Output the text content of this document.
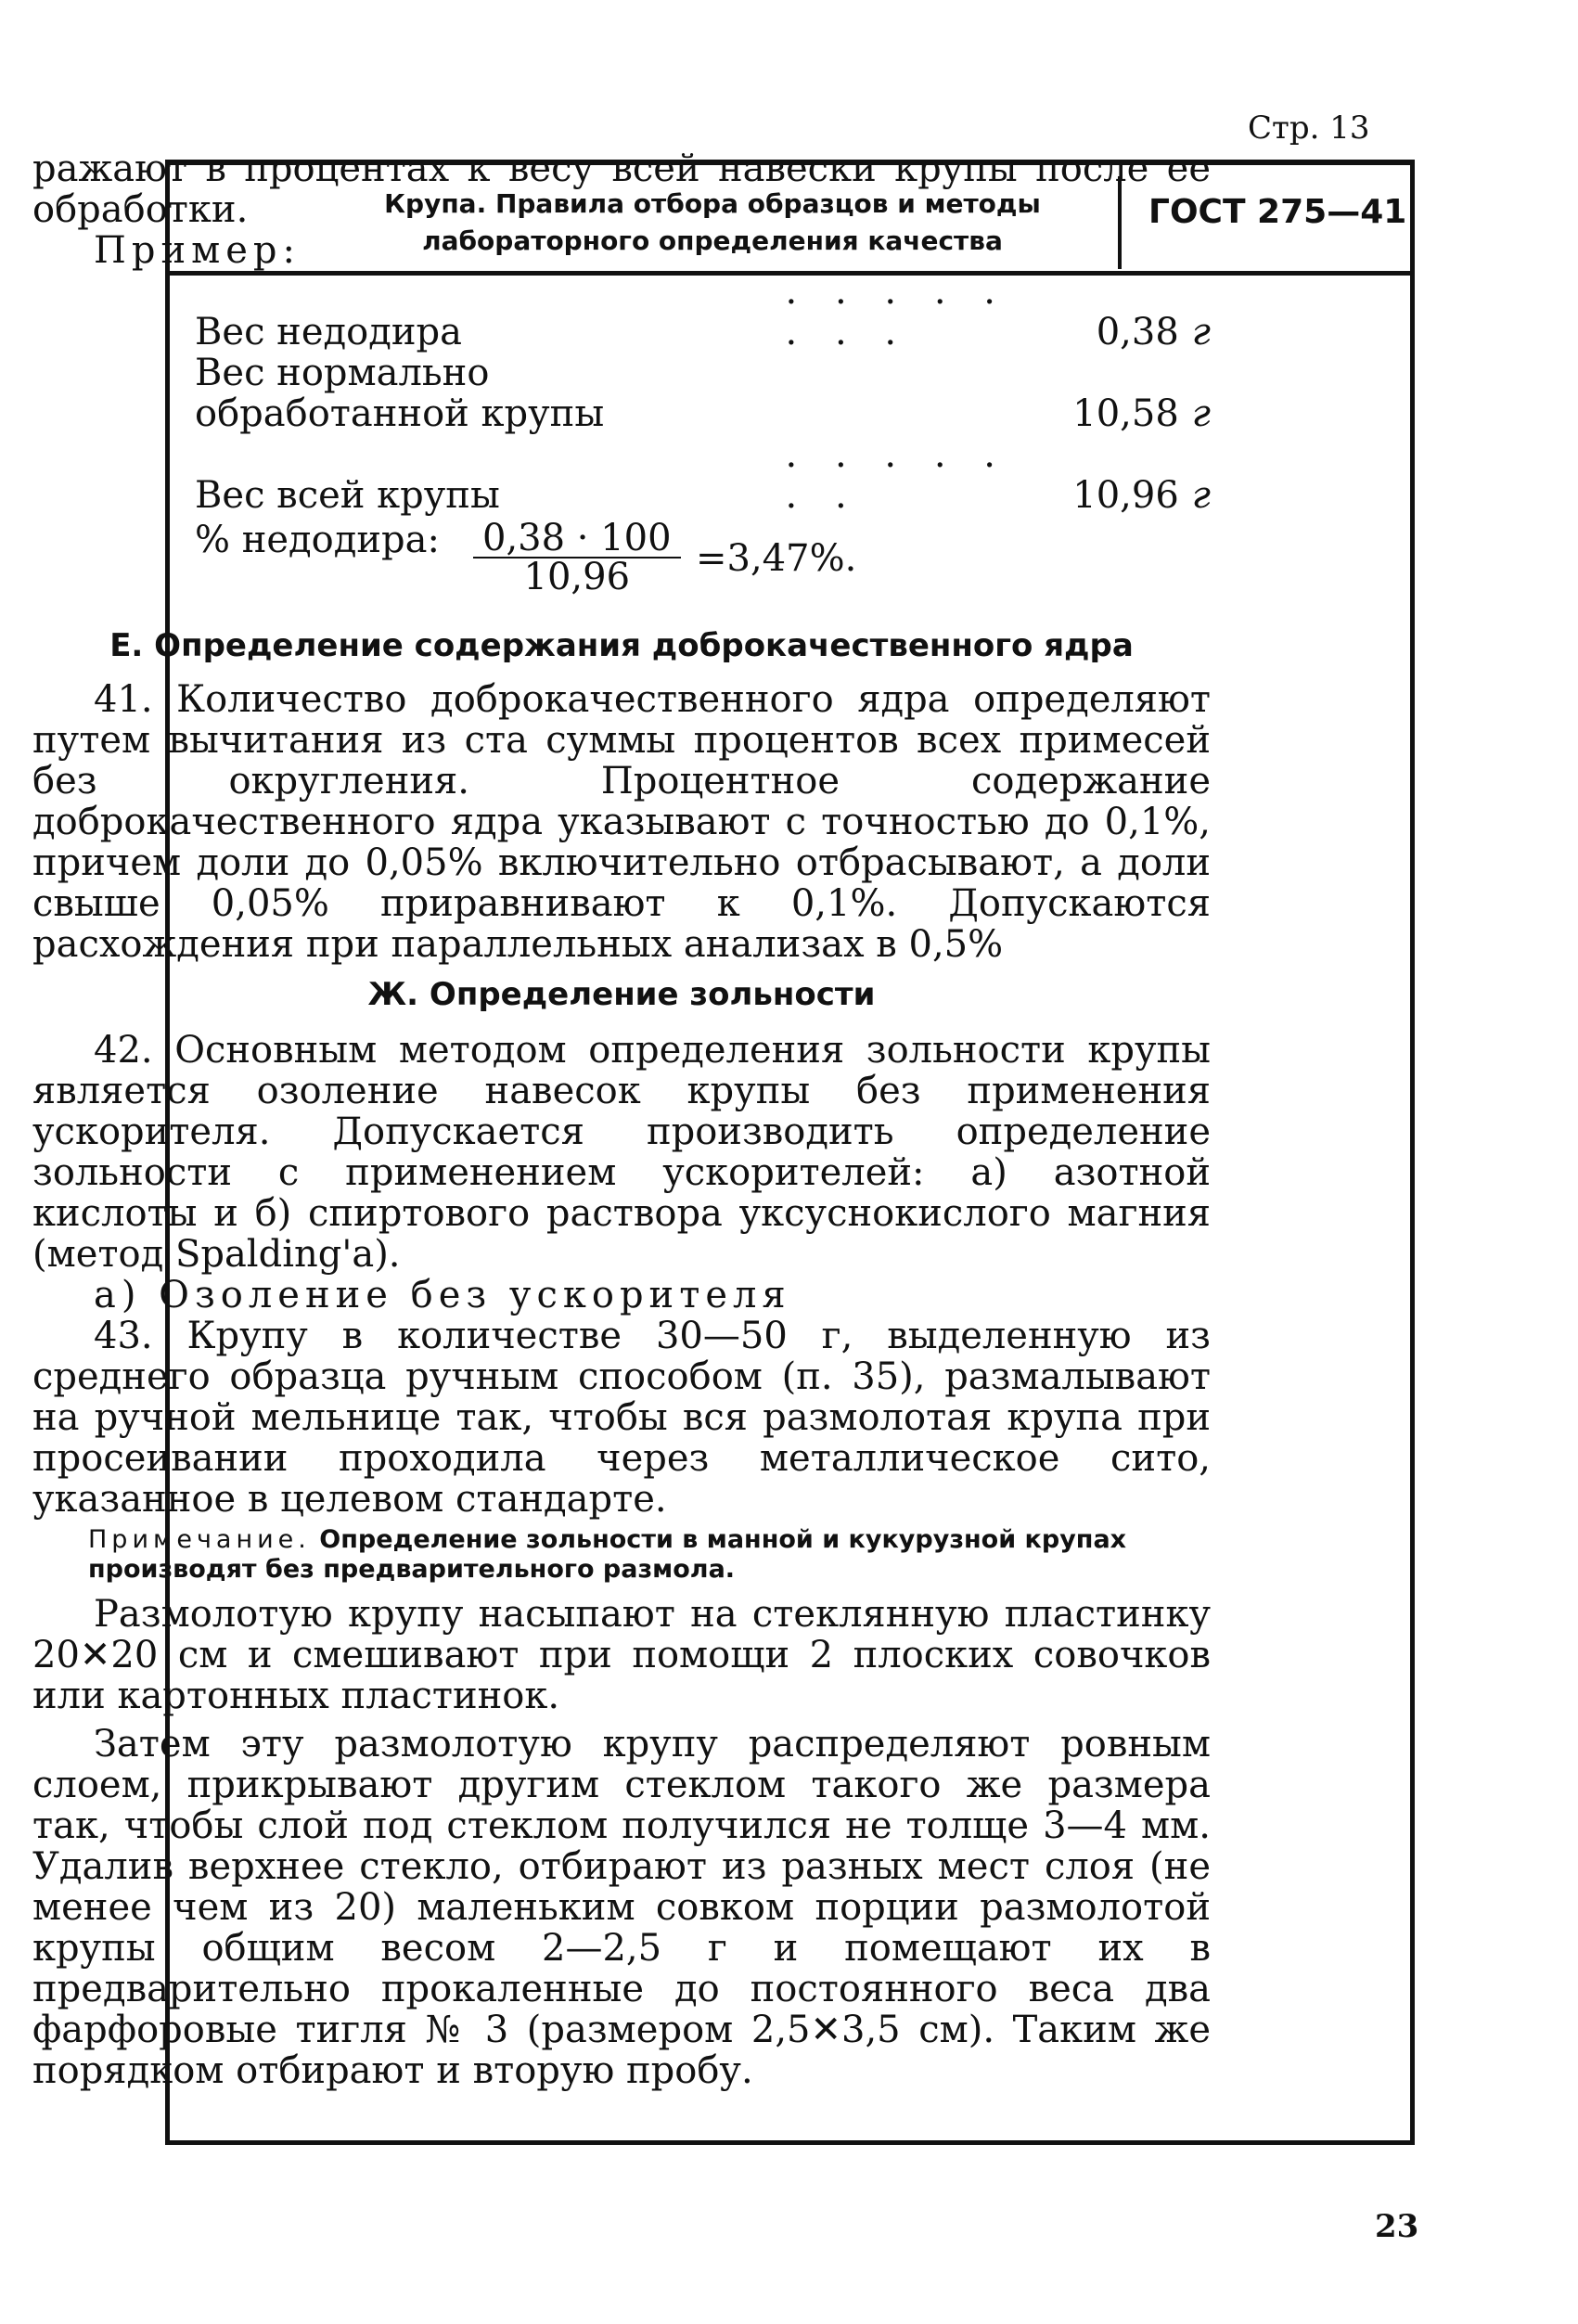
Стр. 13
Крупа. Правила отбора образцов и методы
лабораторного определения качества
ГОСТ 275—41

ражают в процентах к весу всей навески крупы после ее обработки.

Пример:

Вес недодира	. . . . . . . .	0,38	г
Вес нормально обработанной крупы		10,58	г
Вес всей крупы	. . . . . . .	10,96	г
% недодира: $\frac{0,38 \cdot 100}{10,96} =3,47\%$.
Е. Определение содержания доброкачественного ядра

41. Количество доброкачественного ядра определяют путем вычитания из ста суммы процентов всех примесей без округления. Процентное содержание доброкачественного ядра указывают с точностью до 0,1%, причем доли до 0,05% включительно отбрасывают, а доли свыше 0,05% приравнивают к 0,1%. Допускаются расхождения при параллельных анализах в 0,5%

Ж. Определение зольности

42. Основным методом определения зольности крупы является озоление навесок крупы без применения ускорителя. Допускается производить определение зольности с применением ускорителей: а) азотной кислоты и б) спиртового раствора уксуснокислого магния (метод Spalding'а).

а) Озоление без ускорителя

43. Крупу в количестве 30—50 г, выделенную из среднего образца ручным способом (п. 35), размалывают на ручной мельнице так, чтобы вся размолотая крупа при просеивании проходила через металлическое сито, указанное в целевом стандарте.

Примечание. Определение зольности в манной и кукурузной крупах производят без предварительного размола.

Размолотую крупу насыпают на стеклянную пластинку 20✕20 см и смешивают при помощи 2 плоских совочков или картонных пластинок.

Затем эту размолотую крупу распределяют ровным слоем, прикрывают другим стеклом такого же размера так, чтобы слой под стеклом получился не толще 3—4 мм. Удалив верхнее стекло, отбирают из разных мест слоя (не менее чем из 20) маленьким совком порции размолотой крупы общим весом 2—2,5 г и помещают их в предварительно прокаленные до постоянного веса два фарфоровые тигля № 3 (размером 2,5✕3,5 см). Таким же порядком отбирают и вторую пробу.

23
